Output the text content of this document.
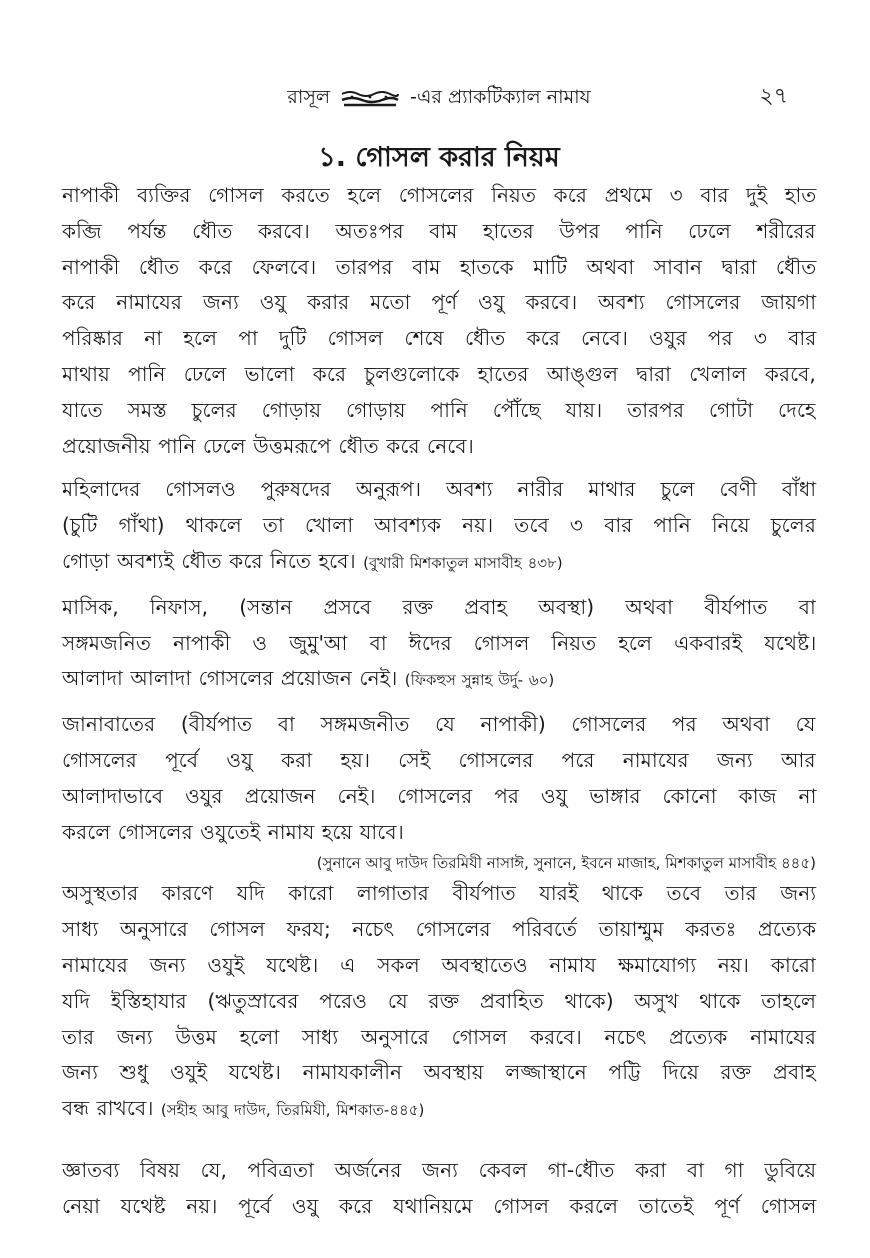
রাসূল	-এর প্র্যাকটিক্যাল নামায	২৭
১. গোসল করার নিয়ম

নাপাকী ব্যক্তির গোসল করতে হলে গোসলের নিয়ত করে প্রথমে ৩ বার দুই হাত
কব্জি পর্যন্ত ধৌত করবে। অতঃপর বাম হাতের উপর পানি ঢেলে শরীরের
নাপাকী ধৌত করে ফেলবে। তারপর বাম হাতকে মাটি অথবা সাবান দ্বারা ধৌত
করে নামাযের জন্য ওযু করার মতো পূর্ণ ওযু করবে। অবশ্য গোসলের জায়গা
পরিষ্কার না হলে পা দুটি গোসল শেষে ধৌত করে নেবে। ওযুর পর ৩ বার
মাথায় পানি ঢেলে ভালো করে চুলগুলোকে হাতের আঙ্গুল দ্বারা খেলাল করবে,
যাতে সমস্ত চুলের গোড়ায় গোড়ায় পানি পৌঁছে যায়। তারপর গোটা দেহে
প্রয়োজনীয় পানি ঢেলে উত্তমরূপে ধৌত করে নেবে।

মহিলাদের গোসলও পুরুষদের অনুরূপ। অবশ্য নারীর মাথার চুলে বেণী বাঁধা
(চুটি গাঁথা) থাকলে তা খোলা আবশ্যক নয়। তবে ৩ বার পানি নিয়ে চুলের
গোড়া অবশ্যই ধৌত করে নিতে হবে। (বুখারী মিশকাতুল মাসাবীহ ৪৩৮)

মাসিক, নিফাস, (সন্তান প্রসবে রক্ত প্রবাহ অবস্থা) অথবা বীর্যপাত বা
সঙ্গমজনিত নাপাকী ও জুমু'আ বা ঈদের গোসল নিয়ত হলে একবারই যথেষ্ট।
আলাদা আলাদা গোসলের প্রয়োজন নেই। (ফিকহুস সুন্নাহ উর্দু- ৬০)

জানাবাতের (বীর্যপাত বা সঙ্গমজনীত যে নাপাকী) গোসলের পর অথবা যে
গোসলের পূর্বে ওযু করা হয়। সেই গোসলের পরে নামাযের জন্য আর
আলাদাভাবে ওযুর প্রয়োজন নেই। গোসলের পর ওযু ভাঙ্গার কোনো কাজ না
করলে গোসলের ওযুতেই নামায হয়ে যাবে।

(সুনানে আবু দাউদ তিরমিযী নাসাঈ, সুনানে, ইবনে মাজাহ, মিশকাতুল মাসাবীহ ৪৪৫)

অসুস্থতার কারণে যদি কারো লাগাতার বীর্যপাত যারই থাকে তবে তার জন্য
সাধ্য অনুসারে গোসল ফরয; নচেৎ গোসলের পরিবর্তে তায়াম্মুম করতঃ প্রত্যেক
নামাযের জন্য ওযুই যথেষ্ট। এ সকল অবস্থাতেও নামায ক্ষমাযোগ্য নয়। কারো
যদি ইস্তিহাযার (ঋতুস্রাবের পরেও যে রক্ত প্রবাহিত থাকে) অসুখ থাকে তাহলে
তার জন্য উত্তম হলো সাধ্য অনুসারে গোসল করবে। নচেৎ প্রত্যেক নামাযের
জন্য শুধু ওযুই যথেষ্ট। নামাযকালীন অবস্থায় লজ্জাস্থানে পট্টি দিয়ে রক্ত প্রবাহ
বন্ধ রাখবে। (সহীহ আবু দাউদ, তিরমিযী, মিশকাত-৪৪৫)

জ্ঞাতব্য বিষয় যে, পবিত্রতা অর্জনের জন্য কেবল গা-ধৌত করা বা গা ডুবিয়ে
নেয়া যথেষ্ট নয়। পূর্বে ওযু করে যথানিয়মে গোসল করলে তাতেই পূর্ণ গোসল
